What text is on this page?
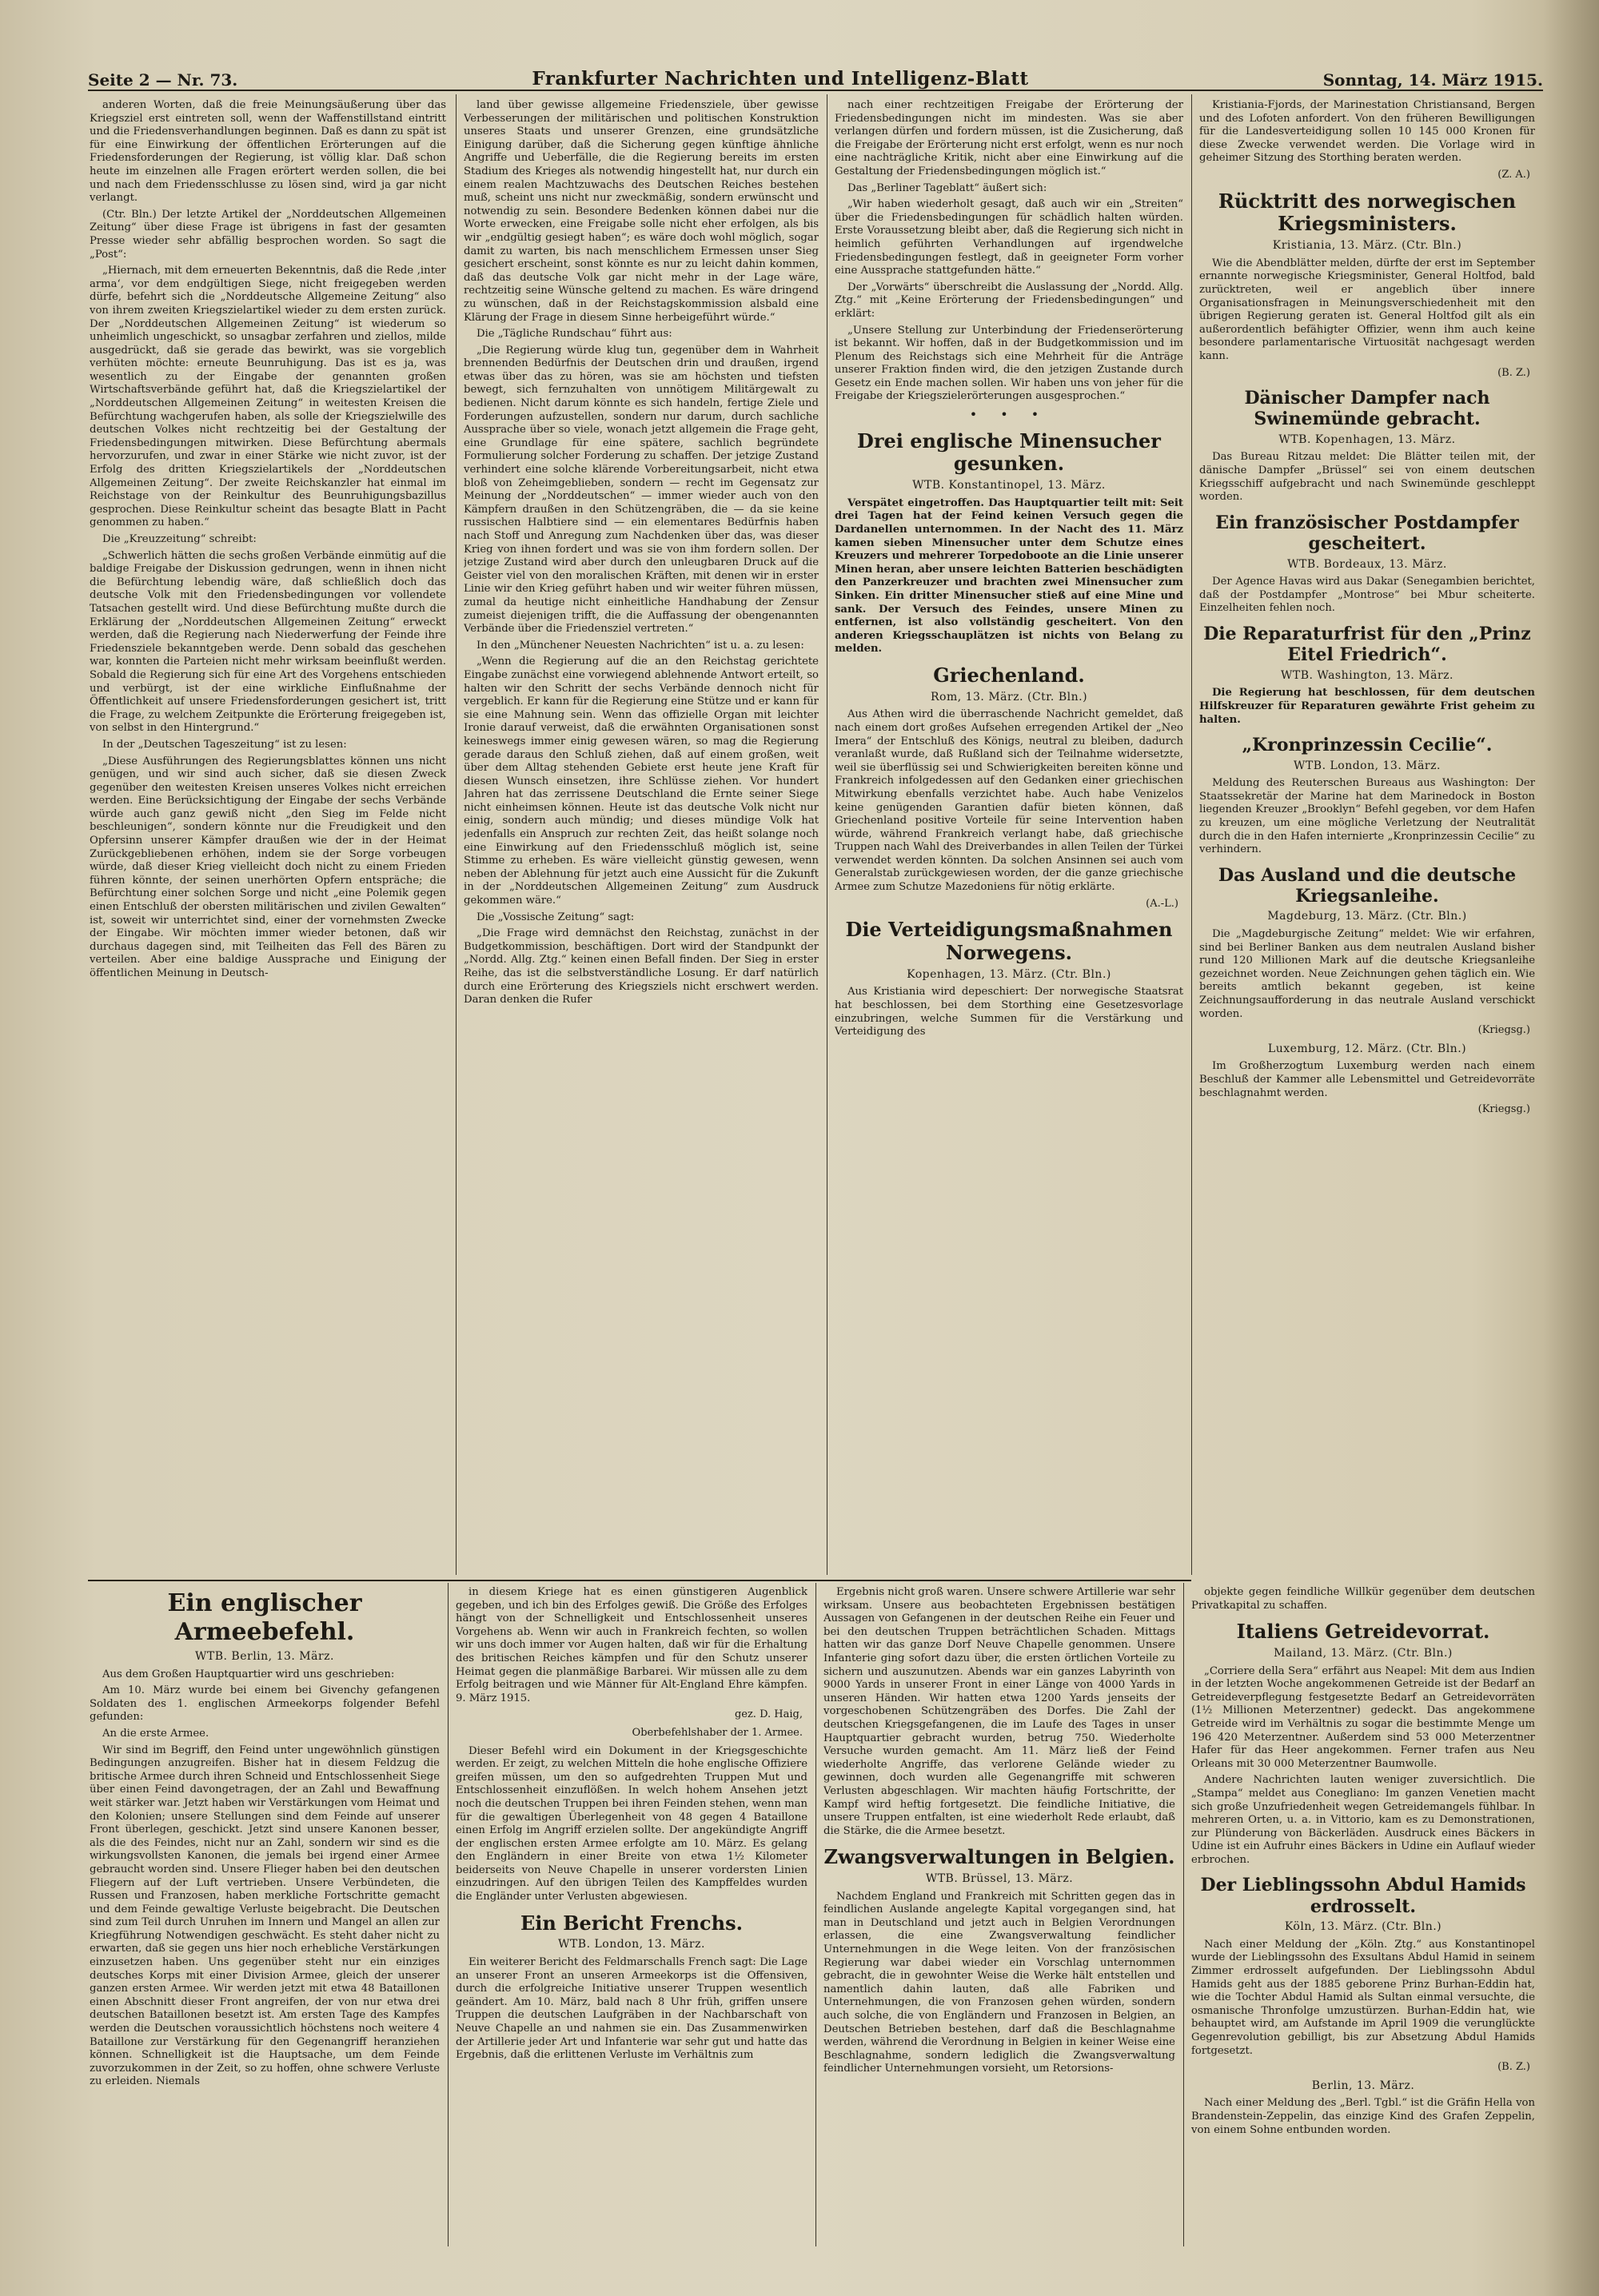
Seite 2 — Nr. 73.	Frankfurter Nachrichten und Intelligenz-Blatt	Sonntag, 14. März 1915.

anderen Worten, daß die freie Meinungsäußerung über das Kriegsziel erst eintreten soll, wenn der Waffenstillstand eintritt und die Friedensverhandlungen beginnen. Daß es dann zu spät ist für eine Einwirkung der öffentlichen Erörterungen auf die Friedensforderungen der Regierung, ist völlig klar. Daß schon heute im einzelnen alle Fragen erörtert werden sollen, die bei und nach dem Friedensschlusse zu lösen sind, wird ja gar nicht verlangt.

(Ctr. Bln.) Der letzte Artikel der „Norddeutschen Allgemeinen Zeitung“ über diese Frage ist übrigens in fast der gesamten Presse wieder sehr abfällig besprochen worden. So sagt die „Post“:

„Hiernach, mit dem erneuerten Bekenntnis, daß die Rede ‚inter arma‘, vor dem endgültigen Siege, nicht freigegeben werden dürfe, befehrt sich die „Norddeutsche Allgemeine Zeitung“ also von ihrem zweiten Kriegszielartikel wieder zu dem ersten zurück. Der „Norddeutschen Allgemeinen Zeitung“ ist wiederum so unheimlich ungeschickt, so unsagbar zerfahren und ziellos, milde ausgedrückt, daß sie gerade das bewirkt, was sie vorgeblich verhüten möchte: erneute Beunruhigung. Das ist es ja, was wesentlich zu der Eingabe der genannten großen Wirtschaftsverbände geführt hat, daß die Kriegszielartikel der „Norddeutschen Allgemeinen Zeitung“ in weitesten Kreisen die Befürchtung wachgerufen haben, als solle der Kriegszielwille des deutschen Volkes nicht rechtzeitig bei der Gestaltung der Friedensbedingungen mitwirken. Diese Befürchtung abermals hervorzurufen, und zwar in einer Stärke wie nicht zuvor, ist der Erfolg des dritten Kriegszielartikels der „Norddeutschen Allgemeinen Zeitung“. Der zweite Reichskanzler hat einmal im Reichstage von der Reinkultur des Beunruhigungsbazillus gesprochen. Diese Reinkultur scheint das besagte Blatt in Pacht genommen zu haben.“

Die „Kreuzzeitung“ schreibt:

„Schwerlich hätten die sechs großen Verbände einmütig auf die baldige Freigabe der Diskussion gedrungen, wenn in ihnen nicht die Befürchtung lebendig wäre, daß schließlich doch das deutsche Volk mit den Friedensbedingungen vor vollendete Tatsachen gestellt wird. Und diese Befürchtung mußte durch die Erklärung der „Norddeutschen Allgemeinen Zeitung“ erweckt werden, daß die Regierung nach Niederwerfung der Feinde ihre Friedensziele bekanntgeben werde. Denn sobald das geschehen war, konnten die Parteien nicht mehr wirksam beeinflußt werden. Sobald die Regierung sich für eine Art des Vorgehens entschieden und verbürgt, ist der eine wirkliche Einflußnahme der Öffentlichkeit auf unsere Friedensforderungen gesichert ist, tritt die Frage, zu welchem Zeitpunkte die Erörterung freigegeben ist, von selbst in den Hintergrund.“

In der „Deutschen Tageszeitung“ ist zu lesen:

„Diese Ausführungen des Regierungsblattes können uns nicht genügen, und wir sind auch sicher, daß sie diesen Zweck gegenüber den weitesten Kreisen unseres Volkes nicht erreichen werden. Eine Berücksichtigung der Eingabe der sechs Verbände würde auch ganz gewiß nicht „den Sieg im Felde nicht beschleunigen“, sondern könnte nur die Freudigkeit und den Opfersinn unserer Kämpfer draußen wie der in der Heimat Zurückgebliebenen erhöhen, indem sie der Sorge vorbeugen würde, daß dieser Krieg vielleicht doch nicht zu einem Frieden führen könnte, der seinen unerhörten Opfern entspräche; die Befürchtung einer solchen Sorge und nicht „eine Polemik gegen einen Entschluß der obersten militärischen und zivilen Gewalten“ ist, soweit wir unterrichtet sind, einer der vornehmsten Zwecke der Eingabe. Wir möchten immer wieder betonen, daß wir durchaus dagegen sind, mit Teilheiten das Fell des Bären zu verteilen. Aber eine baldige Aussprache und Einigung der öffentlichen Meinung in Deutsch-

land über gewisse allgemeine Friedensziele, über gewisse Verbesserungen der militärischen und politischen Konstruktion unseres Staats und unserer Grenzen, eine grundsätzliche Einigung darüber, daß die Sicherung gegen künftige ähnliche Angriffe und Ueberfälle, die die Regierung bereits im ersten Stadium des Krieges als notwendig hingestellt hat, nur durch ein einem realen Machtzuwachs des Deutschen Reiches bestehen muß, scheint uns nicht nur zweckmäßig, sondern erwünscht und notwendig zu sein. Besondere Bedenken können dabei nur die Worte erwecken, eine Freigabe solle nicht eher erfolgen, als bis wir „endgültig gesiegt haben“; es wäre doch wohl möglich, sogar damit zu warten, bis nach menschlichem Ermessen unser Sieg gesichert erscheint, sonst könnte es nur zu leicht dahin kommen, daß das deutsche Volk gar nicht mehr in der Lage wäre, rechtzeitig seine Wünsche geltend zu machen. Es wäre dringend zu wünschen, daß in der Reichstagskommission alsbald eine Klärung der Frage in diesem Sinne herbeigeführt würde.“

Die „Tägliche Rundschau“ führt aus:

„Die Regierung würde klug tun, gegenüber dem in Wahrheit brennenden Bedürfnis der Deutschen drin und draußen, irgend etwas über das zu hören, was sie am höchsten und tiefsten bewegt, sich fernzuhalten von unnötigem Militärgewalt zu bedienen. Nicht darum könnte es sich handeln, fertige Ziele und Forderungen aufzustellen, sondern nur darum, durch sachliche Aussprache über so viele, wonach jetzt allgemein die Frage geht, eine Grundlage für eine spätere, sachlich begründete Formulierung solcher Forderung zu schaffen. Der jetzige Zustand verhindert eine solche klärende Vorbereitungsarbeit, nicht etwa bloß von Zeheimgeblieben, sondern — recht im Gegensatz zur Meinung der „Norddeutschen“ — immer wieder auch von den Kämpfern draußen in den Schützengräben, die — da sie keine russischen Halbtiere sind — ein elementares Bedürfnis haben nach Stoff und Anregung zum Nachdenken über das, was dieser Krieg von ihnen fordert und was sie von ihm fordern sollen. Der jetzige Zustand wird aber durch den unleugbaren Druck auf die Geister viel von den moralischen Kräften, mit denen wir in erster Linie wir den Krieg geführt haben und wir weiter führen müssen, zumal da heutige nicht einheitliche Handhabung der Zensur zumeist diejenigen trifft, die die Auffassung der obengenannten Verbände über die Friedensziel vertreten.“

In den „Münchener Neuesten Nachrichten“ ist u. a. zu lesen:

„Wenn die Regierung auf die an den Reichstag gerichtete Eingabe zunächst eine vorwiegend ablehnende Antwort erteilt, so halten wir den Schritt der sechs Verbände dennoch nicht für vergeblich. Er kann für die Regierung eine Stütze und er kann für sie eine Mahnung sein. Wenn das offizielle Organ mit leichter Ironie darauf verweist, daß die erwähnten Organisationen sonst keineswegs immer einig gewesen wären, so mag die Regierung gerade daraus den Schluß ziehen, daß auf einem großen, weit über dem Alltag stehenden Gebiete erst heute jene Kraft für diesen Wunsch einsetzen, ihre Schlüsse ziehen. Vor hundert Jahren hat das zerrissene Deutschland die Ernte seiner Siege nicht einheimsen können. Heute ist das deutsche Volk nicht nur einig, sondern auch mündig; und dieses mündige Volk hat jedenfalls ein Anspruch zur rechten Zeit, das heißt solange noch eine Einwirkung auf den Friedensschluß möglich ist, seine Stimme zu erheben. Es wäre vielleicht günstig gewesen, wenn neben der Ablehnung für jetzt auch eine Aussicht für die Zukunft in der „Norddeutschen Allgemeinen Zeitung“ zum Ausdruck gekommen wäre.“

Die „Vossische Zeitung“ sagt:

„Die Frage wird demnächst den Reichstag, zunächst in der Budgetkommission, beschäftigen. Dort wird der Standpunkt der „Nordd. Allg. Ztg.“ keinen einen Befall finden. Der Sieg in erster Reihe, das ist die selbstverständliche Losung. Er darf natürlich durch eine Erörterung des Kriegsziels nicht erschwert werden. Daran denken die Rufer

nach einer rechtzeitigen Freigabe der Erörterung der Friedensbedingungen nicht im mindesten. Was sie aber verlangen dürfen und fordern müssen, ist die Zusicherung, daß die Freigabe der Erörterung nicht erst erfolgt, wenn es nur noch eine nachträgliche Kritik, nicht aber eine Einwirkung auf die Gestaltung der Friedensbedingungen möglich ist.“

Das „Berliner Tageblatt“ äußert sich:

„Wir haben wiederholt gesagt, daß auch wir ein „Streiten“ über die Friedensbedingungen für schädlich halten würden. Erste Voraussetzung bleibt aber, daß die Regierung sich nicht in heimlich geführten Verhandlungen auf irgendwelche Friedensbedingungen festlegt, daß in geeigneter Form vorher eine Aussprache stattgefunden hätte.“

Der „Vorwärts“ überschreibt die Auslassung der „Nordd. Allg. Ztg.“ mit „Keine Erörterung der Friedensbedingungen“ und erklärt:

„Unsere Stellung zur Unterbindung der Friedenserörterung ist bekannt. Wir hoffen, daß in der Budgetkommission und im Plenum des Reichstags sich eine Mehrheit für die Anträge unserer Fraktion finden wird, die den jetzigen Zustande durch Gesetz ein Ende machen sollen. Wir haben uns von jeher für die Freigabe der Kriegszielerörterungen ausgesprochen.“

• • •
Drei englische Minensucher gesunken.
WTB. Konstantinopel, 13. März.

Verspätet eingetroffen. Das Hauptquartier teilt mit: Seit drei Tagen hat der Feind keinen Versuch gegen die Dardanellen unternommen. In der Nacht des 11. März kamen sieben Minensucher unter dem Schutze eines Kreuzers und mehrerer Torpedoboote an die Linie unserer Minen heran, aber unsere leichten Batterien beschädigten den Panzerkreuzer und brachten zwei Minensucher zum Sinken. Ein dritter Minensucher stieß auf eine Mine und sank. Der Versuch des Feindes, unsere Minen zu entfernen, ist also vollständig gescheitert. Von den anderen Kriegsschauplätzen ist nichts von Belang zu melden.

Griechenland.
Rom, 13. März. (Ctr. Bln.)

Aus Athen wird die überraschende Nachricht gemeldet, daß nach einem dort großes Aufsehen erregenden Artikel der „Neo Imera“ der Entschluß des Königs, neutral zu bleiben, dadurch veranlaßt wurde, daß Rußland sich der Teilnahme widersetzte, weil sie überflüssig sei und Schwierigkeiten bereiten könne und Frankreich infolgedessen auf den Gedanken einer griechischen Mitwirkung ebenfalls verzichtet habe. Auch habe Venizelos keine genügenden Garantien dafür bieten können, daß Griechenland positive Vorteile für seine Intervention haben würde, während Frankreich verlangt habe, daß griechische Truppen nach Wahl des Dreiverbandes in allen Teilen der Türkei verwendet werden könnten. Da solchen Ansinnen sei auch vom Generalstab zurückgewiesen worden, der die ganze griechische Armee zum Schutze Mazedoniens für nötig erklärte.

(A.-L.)
Die Verteidigungsmaßnahmen Norwegens.
Kopenhagen, 13. März. (Ctr. Bln.)

Aus Kristiania wird depeschiert: Der norwegische Staatsrat hat beschlossen, bei dem Storthing eine Gesetzesvorlage einzubringen, welche Summen für die Verstärkung und Verteidigung des

Kristiania-Fjords, der Marinestation Christiansand, Bergen und des Lofoten anfordert. Von den früheren Bewilligungen für die Landesverteidigung sollen 10 145 000 Kronen für diese Zwecke verwendet werden. Die Vorlage wird in geheimer Sitzung des Storthing beraten werden.

(Z. A.)
Rücktritt des norwegischen Kriegsministers.
Kristiania, 13. März. (Ctr. Bln.)

Wie die Abendblätter melden, dürfte der erst im September ernannte norwegische Kriegsminister, General Holtfod, bald zurücktreten, weil er angeblich über innere Organisationsfragen in Meinungsverschiedenheit mit den übrigen Regierung geraten ist. General Holtfod gilt als ein außerordentlich befähigter Offizier, wenn ihm auch keine besondere parlamentarische Virtuosität nachgesagt werden kann.

(B. Z.)
Dänischer Dampfer nach Swinemünde gebracht.
WTB. Kopenhagen, 13. März.

Das Bureau Ritzau meldet: Die Blätter teilen mit, der dänische Dampfer „Brüssel“ sei von einem deutschen Kriegsschiff aufgebracht und nach Swinemünde geschleppt worden.

Ein französischer Postdampfer gescheitert.
WTB. Bordeaux, 13. März.

Der Agence Havas wird aus Dakar (Senegambien berichtet, daß der Postdampfer „Montrose“ bei Mbur scheiterte. Einzelheiten fehlen noch.

Die Reparaturfrist für den „Prinz Eitel Friedrich“.
WTB. Washington, 13. März.

Die Regierung hat beschlossen, für dem deutschen Hilfskreuzer für Reparaturen gewährte Frist geheim zu halten.

„Kronprinzessin Cecilie“.
WTB. London, 13. März.

Meldung des Reuterschen Bureaus aus Washington: Der Staatssekretär der Marine hat dem Marinedock in Boston liegenden Kreuzer „Brooklyn“ Befehl gegeben, vor dem Hafen zu kreuzen, um eine mögliche Verletzung der Neutralität durch die in den Hafen internierte „Kronprinzessin Cecilie“ zu verhindern.

Das Ausland und die deutsche Kriegsanleihe.
Magdeburg, 13. März. (Ctr. Bln.)

Die „Magdeburgische Zeitung“ meldet: Wie wir erfahren, sind bei Berliner Banken aus dem neutralen Ausland bisher rund 120 Millionen Mark auf die deutsche Kriegsanleihe gezeichnet worden. Neue Zeichnungen gehen täglich ein. Wie bereits amtlich bekannt gegeben, ist keine Zeichnungsaufforderung in das neutrale Ausland verschickt worden.

(Kriegsg.)
Luxemburg, 12. März. (Ctr. Bln.)

Im Großherzogtum Luxemburg werden nach einem Beschluß der Kammer alle Lebensmittel und Getreidevorräte beschlagnahmt werden.

(Kriegsg.)
Ein englischer Armeebefehl.
WTB. Berlin, 13. März.

Aus dem Großen Hauptquartier wird uns geschrieben:

Am 10. März wurde bei einem bei Givenchy gefangenen Soldaten des 1. englischen Armeekorps folgender Befehl gefunden:

An die erste Armee.

Wir sind im Begriff, den Feind unter ungewöhnlich günstigen Bedingungen anzugreifen. Bisher hat in diesem Feldzug die britische Armee durch ihren Schneid und Entschlossenheit Siege über einen Feind davongetragen, der an Zahl und Bewaffnung weit stärker war. Jetzt haben wir Verstärkungen vom Heimat und den Kolonien; unsere Stellungen sind dem Feinde auf unserer Front überlegen, geschickt. Jetzt sind unsere Kanonen besser, als die des Feindes, nicht nur an Zahl, sondern wir sind es die wirkungsvollsten Kanonen, die jemals bei irgend einer Armee gebraucht worden sind. Unsere Flieger haben bei den deutschen Fliegern auf der Luft vertrieben. Unsere Verbündeten, die Russen und Franzosen, haben merkliche Fortschritte gemacht und dem Feinde gewaltige Verluste beigebracht. Die Deutschen sind zum Teil durch Unruhen im Innern und Mangel an allen zur Kriegführung Notwendigen geschwächt. Es steht daher nicht zu erwarten, daß sie gegen uns hier noch erhebliche Verstärkungen einzusetzen haben. Uns gegenüber steht nur ein einziges deutsches Korps mit einer Division Armee, gleich der unserer ganzen ersten Armee. Wir werden jetzt mit etwa 48 Bataillonen einen Abschnitt dieser Front angreifen, der von nur etwa drei deutschen Bataillonen besetzt ist. Am ersten Tage des Kampfes werden die Deutschen voraussichtlich höchstens noch weitere 4 Bataillone zur Verstärkung für den Gegenangriff heranziehen können. Schnelligkeit ist die Hauptsache, um dem Feinde zuvorzukommen in der Zeit, so zu hoffen, ohne schwere Verluste zu erleiden. Niemals

in diesem Kriege hat es einen günstigeren Augenblick gegeben, und ich bin des Erfolges gewiß. Die Größe des Erfolges hängt von der Schnelligkeit und Entschlossenheit unseres Vorgehens ab. Wenn wir auch in Frankreich fechten, so wollen wir uns doch immer vor Augen halten, daß wir für die Erhaltung des britischen Reiches kämpfen und für den Schutz unserer Heimat gegen die planmäßige Barbarei. Wir müssen alle zu dem Erfolg beitragen und wie Männer für Alt-England Ehre kämpfen. 9. März 1915.

gez. D. Haig,
Oberbefehlshaber der 1. Armee.

Dieser Befehl wird ein Dokument in der Kriegsgeschichte werden. Er zeigt, zu welchen Mitteln die hohe englische Offiziere greifen müssen, um den so aufgedrehten Truppen Mut und Entschlossenheit einzuflößen. In welch hohem Ansehen jetzt noch die deutschen Truppen bei ihren Feinden stehen, wenn man für die gewaltigen Überlegenheit von 48 gegen 4 Bataillone einen Erfolg im Angriff erzielen sollte. Der angekündigte Angriff der englischen ersten Armee erfolgte am 10. März. Es gelang den Engländern in einer Breite von etwa 1½ Kilometer beiderseits von Neuve Chapelle in unserer vordersten Linien einzudringen. Auf den übrigen Teilen des Kampffeldes wurden die Engländer unter Verlusten abgewiesen.

Ein Bericht Frenchs.
WTB. London, 13. März.

Ein weiterer Bericht des Feldmarschalls French sagt: Die Lage an unserer Front an unseren Armeekorps ist die Offensiven, durch die erfolgreiche Initiative unserer Truppen wesentlich geändert. Am 10. März, bald nach 8 Uhr früh, griffen unsere Truppen die deutschen Laufgräben in der Nachbarschaft von Neuve Chapelle an und nahmen sie ein. Das Zusammenwirken der Artillerie jeder Art und Infanterie war sehr gut und hatte das Ergebnis, daß die erlittenen Verluste im Verhältnis zum

Ergebnis nicht groß waren. Unsere schwere Artillerie war sehr wirksam. Unsere aus beobachteten Ergebnissen bestätigen Aussagen von Gefangenen in der deutschen Reihe ein Feuer und bei den deutschen Truppen beträchtlichen Schaden. Mittags hatten wir das ganze Dorf Neuve Chapelle genommen. Unsere Infanterie ging sofort dazu über, die ersten örtlichen Vorteile zu sichern und auszunutzen. Abends war ein ganzes Labyrinth von 9000 Yards in unserer Front in einer Länge von 4000 Yards in unseren Händen. Wir hatten etwa 1200 Yards jenseits der vorgeschobenen Schützengräben des Dorfes. Die Zahl der deutschen Kriegsgefangenen, die im Laufe des Tages in unser Hauptquartier gebracht wurden, betrug 750. Wiederholte Versuche wurden gemacht. Am 11. März ließ der Feind wiederholte Angriffe, das verlorene Gelände wieder zu gewinnen, doch wurden alle Gegenangriffe mit schweren Verlusten abgeschlagen. Wir machten häufig Fortschritte, der Kampf wird heftig fortgesetzt. Die feindliche Initiative, die unsere Truppen entfalten, ist eine wiederholt Rede erlaubt, daß die Stärke, die die Armee besetzt.

Zwangsverwaltungen in Belgien.
WTB. Brüssel, 13. März.

Nachdem England und Frankreich mit Schritten gegen das in feindlichen Auslande angelegte Kapital vorgegangen sind, hat man in Deutschland und jetzt auch in Belgien Verordnungen erlassen, die eine Zwangsverwaltung feindlicher Unternehmungen in die Wege leiten. Von der französischen Regierung war dabei wieder ein Vorschlag unternommen gebracht, die in gewohnter Weise die Werke hält entstellen und namentlich dahin lauten, daß alle Fabriken und Unternehmungen, die von Franzosen gehen würden, sondern auch solche, die von Engländern und Franzosen in Belgien, an Deutschen Betrieben bestehen, darf daß die Beschlagnahme werden, während die Verordnung in Belgien in keiner Weise eine Beschlagnahme, sondern lediglich die Zwangsverwaltung feindlicher Unternehmungen vorsieht, um Retorsions-

objekte gegen feindliche Willkür gegenüber dem deutschen Privatkapital zu schaffen.

Italiens Getreidevorrat.
Mailand, 13. März. (Ctr. Bln.)

„Corriere della Sera“ erfährt aus Neapel: Mit dem aus Indien in der letzten Woche angekommenen Getreide ist der Bedarf an Getreideverpflegung festgesetzte Bedarf an Getreidevorräten (1½ Millionen Meterzentner) gedeckt. Das angekommene Getreide wird im Verhältnis zu sogar die bestimmte Menge um 196 420 Meterzentner. Außerdem sind 53 000 Meterzentner Hafer für das Heer angekommen. Ferner trafen aus Neu Orleans mit 30 000 Meterzentner Baumwolle.

Andere Nachrichten lauten weniger zuversichtlich. Die „Stampa“ meldet aus Conegliano: Im ganzen Venetien macht sich große Unzufriedenheit wegen Getreidemangels fühlbar. In mehreren Orten, u. a. in Vittorio, kam es zu Demonstrationen, zur Plünderung von Bäckerläden. Ausdruck eines Bäckers in Udine ist ein Aufruhr eines Bäckers in Udine ein Auflauf wieder erbrochen.

Der Lieblingssohn Abdul Hamids erdrosselt.
Köln, 13. März. (Ctr. Bln.)

Nach einer Meldung der „Köln. Ztg.“ aus Konstantinopel wurde der Lieblingssohn des Exsultans Abdul Hamid in seinem Zimmer erdrosselt aufgefunden. Der Lieblingssohn Abdul Hamids geht aus der 1885 geborene Prinz Burhan-Eddin hat, wie die Tochter Abdul Hamid als Sultan einmal versuchte, die osmanische Thronfolge umzustürzen. Burhan-Eddin hat, wie behauptet wird, am Aufstande im April 1909 die verunglückte Gegenrevolution gebilligt, bis zur Absetzung Abdul Hamids fortgesetzt.

(B. Z.)
Berlin, 13. März.

Nach einer Meldung des „Berl. Tgbl.“ ist die Gräfin Hella von Brandenstein-Zeppelin, das einzige Kind des Grafen Zeppelin, von einem Sohne entbunden worden.
